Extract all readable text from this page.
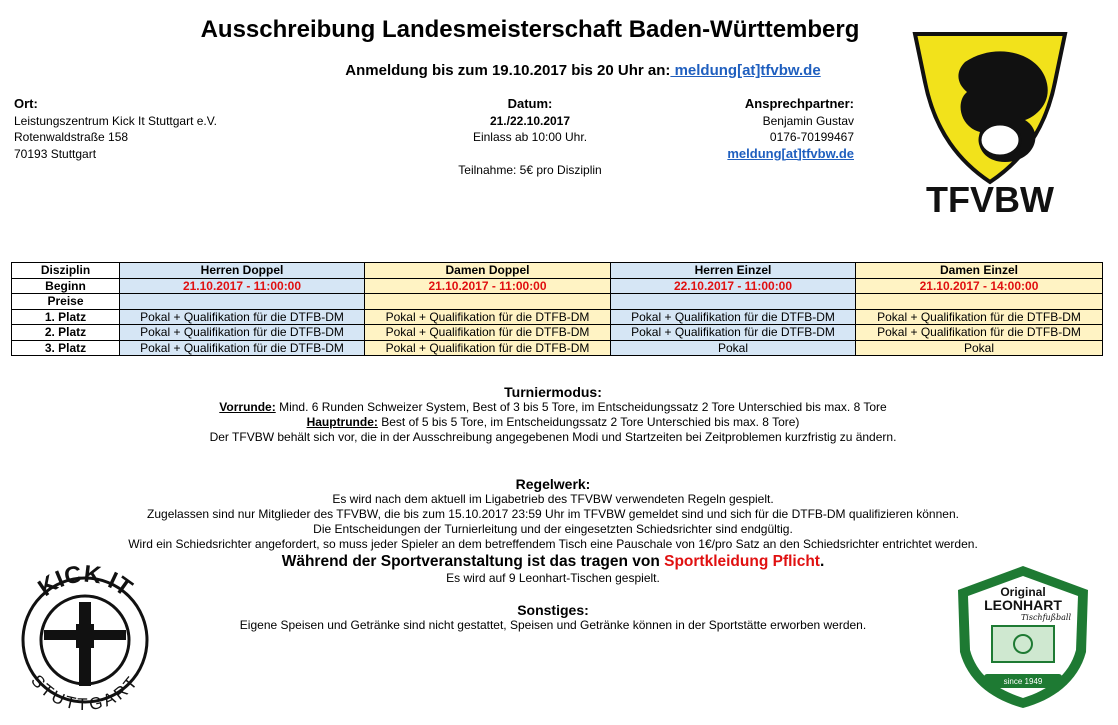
Ausschreibung Landesmeisterschaft Baden-Württemberg
Anmeldung bis zum 19.10.2017 bis 20 Uhr an: meldung[at]tfvbw.de
Ort:
Leistungszentrum Kick It Stuttgart e.V.
Rotenwaldstraße 158
70193 Stuttgart
Datum:
21./22.10.2017
Einlass ab 10:00 Uhr.
Teilnahme: 5€ pro Disziplin
Ansprechpartner:
Benjamin Gustav
0176-70199467
meldung[at]tfvbw.de
TFVBW
Disziplin	Herren Doppel	Damen Doppel	Herren Einzel	Damen Einzel
Beginn	21.10.2017 - 11:00:00	21.10.2017 - 11:00:00	22.10.2017 - 11:00:00	21.10.2017 - 14:00:00
Preise				
1. Platz	Pokal + Qualifikation für die DTFB-DM	Pokal + Qualifikation für die DTFB-DM	Pokal + Qualifikation für die DTFB-DM	Pokal + Qualifikation für die DTFB-DM
2. Platz	Pokal + Qualifikation für die DTFB-DM	Pokal + Qualifikation für die DTFB-DM	Pokal + Qualifikation für die DTFB-DM	Pokal + Qualifikation für die DTFB-DM
3. Platz	Pokal + Qualifikation für die DTFB-DM	Pokal + Qualifikation für die DTFB-DM	Pokal	Pokal
Turniermodus:
Vorrunde: Mind. 6 Runden Schweizer System, Best of 3 bis 5 Tore, im Entscheidungssatz 2 Tore Unterschied bis max. 8 Tore
Hauptrunde: Best of 5 bis 5 Tore, im Entscheidungssatz 2 Tore Unterschied bis max. 8 Tore)
Der TFVBW behält sich vor, die in der Ausschreibung angegebenen Modi und Startzeiten bei Zeitproblemen kurzfristig zu ändern.
Regelwerk:
Es wird nach dem aktuell im Ligabetrieb des TFVBW verwendeten Regeln gespielt.
Zugelassen sind nur Mitglieder des TFVBW, die bis zum 15.10.2017 23:59 Uhr im TFVBW gemeldet sind und sich für die DTFB-DM qualifizieren können.
Die Entscheidungen der Turnierleitung und der eingesetzten Schiedsrichter sind endgültig.
Wird ein Schiedsrichter angefordert, so muss jeder Spieler an dem betreffendem Tisch eine Pauschale von 1€/pro Satz an den Schiedsrichter entrichtet werden.
Während der Sportveranstaltung ist das tragen von Sportkleidung Pflicht.
Es wird auf 9 Leonhart-Tischen gespielt.
Sonstiges:
Eigene Speisen und Getränke sind nicht gestattet, Speisen und Getränke können in der Sportstätte erworben werden.
KICK IT
STUTTGART
Original
LEONHART
Tischfußball
since 1949
